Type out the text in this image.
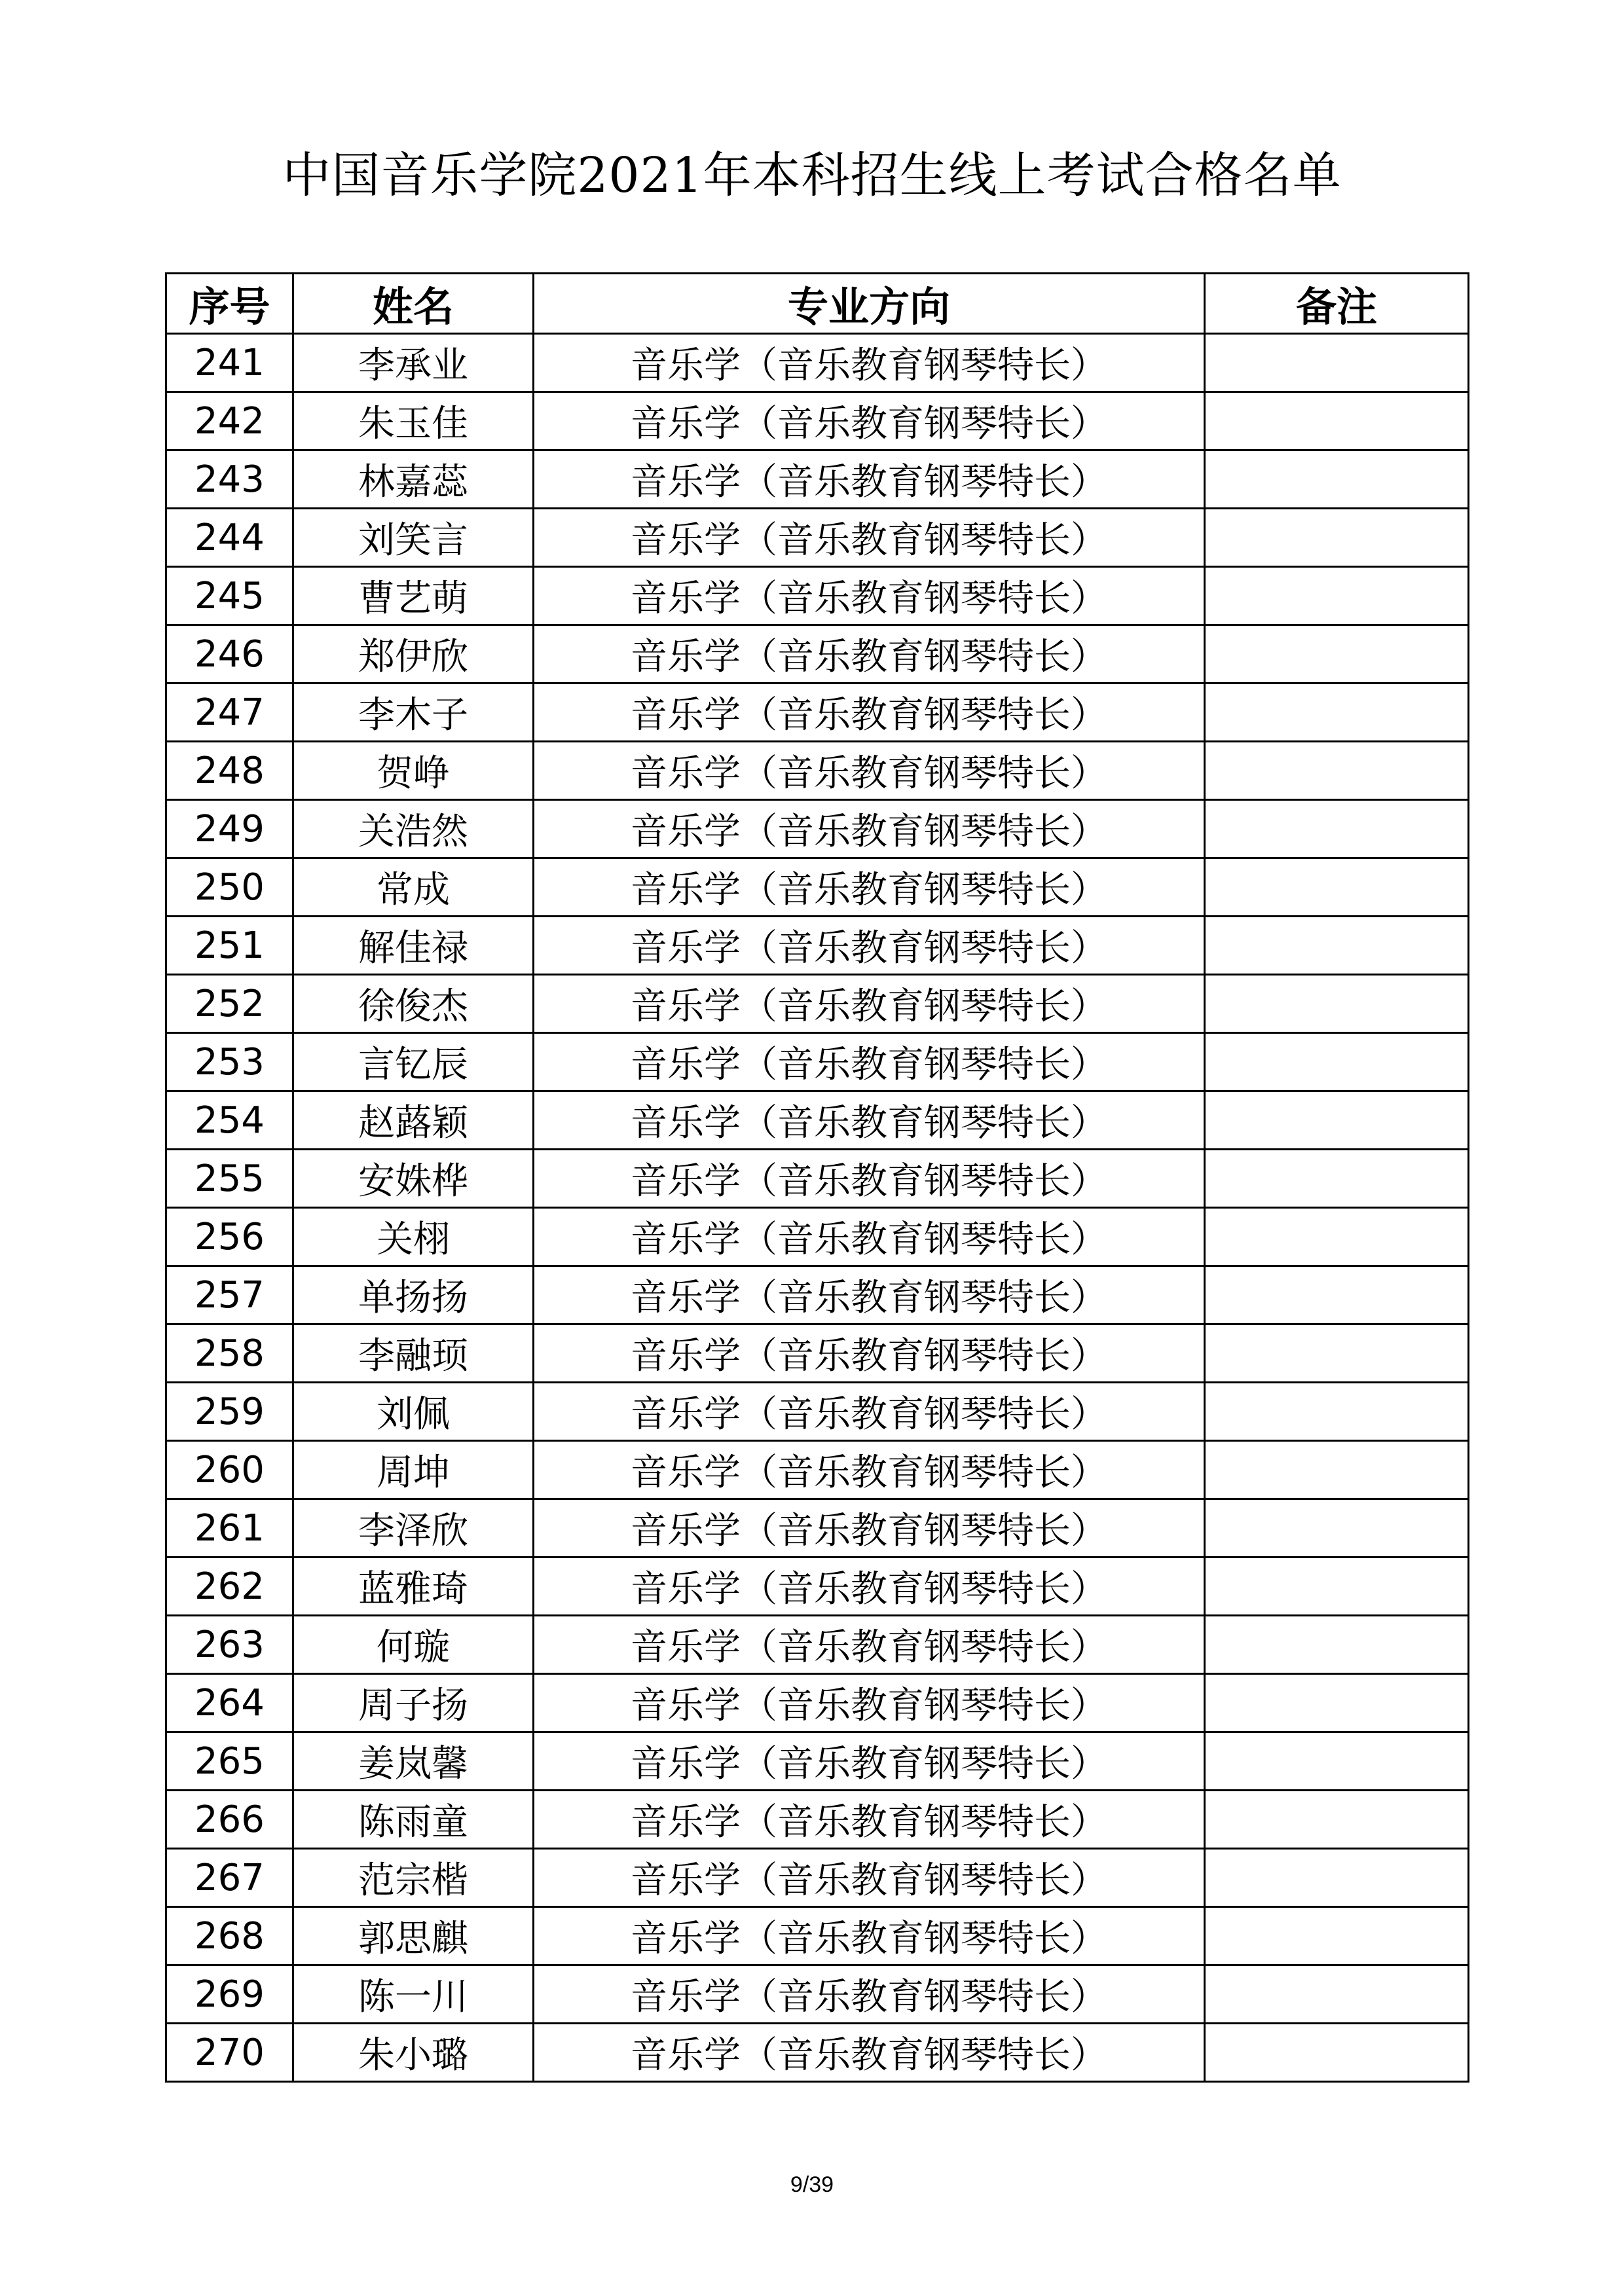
中国音乐学院2021年本科招生线上考试合格名单
序号	姓名	专业方向	备注
241	李承业	音乐学（音乐教育钢琴特长）	
242	朱玉佳	音乐学（音乐教育钢琴特长）	
243	林嘉蕊	音乐学（音乐教育钢琴特长）	
244	刘笑言	音乐学（音乐教育钢琴特长）	
245	曹艺萌	音乐学（音乐教育钢琴特长）	
246	郑伊欣	音乐学（音乐教育钢琴特长）	
247	李木子	音乐学（音乐教育钢琴特长）	
248	贺峥	音乐学（音乐教育钢琴特长）	
249	关浩然	音乐学（音乐教育钢琴特长）	
250	常成	音乐学（音乐教育钢琴特长）	
251	解佳禄	音乐学（音乐教育钢琴特长）	
252	徐俊杰	音乐学（音乐教育钢琴特长）	
253	言钇辰	音乐学（音乐教育钢琴特长）	
254	赵蕗颖	音乐学（音乐教育钢琴特长）	
255	安姝桦	音乐学（音乐教育钢琴特长）	
256	关栩	音乐学（音乐教育钢琴特长）	
257	单扬扬	音乐学（音乐教育钢琴特长）	
258	李融顼	音乐学（音乐教育钢琴特长）	
259	刘佩	音乐学（音乐教育钢琴特长）	
260	周坤	音乐学（音乐教育钢琴特长）	
261	李泽欣	音乐学（音乐教育钢琴特长）	
262	蓝雅琦	音乐学（音乐教育钢琴特长）	
263	何璇	音乐学（音乐教育钢琴特长）	
264	周子扬	音乐学（音乐教育钢琴特长）	
265	姜岚馨	音乐学（音乐教育钢琴特长）	
266	陈雨童	音乐学（音乐教育钢琴特长）	
267	范宗楷	音乐学（音乐教育钢琴特长）	
268	郭思麒	音乐学（音乐教育钢琴特长）	
269	陈一川	音乐学（音乐教育钢琴特长）	
270	朱小璐	音乐学（音乐教育钢琴特长）	
9/39
